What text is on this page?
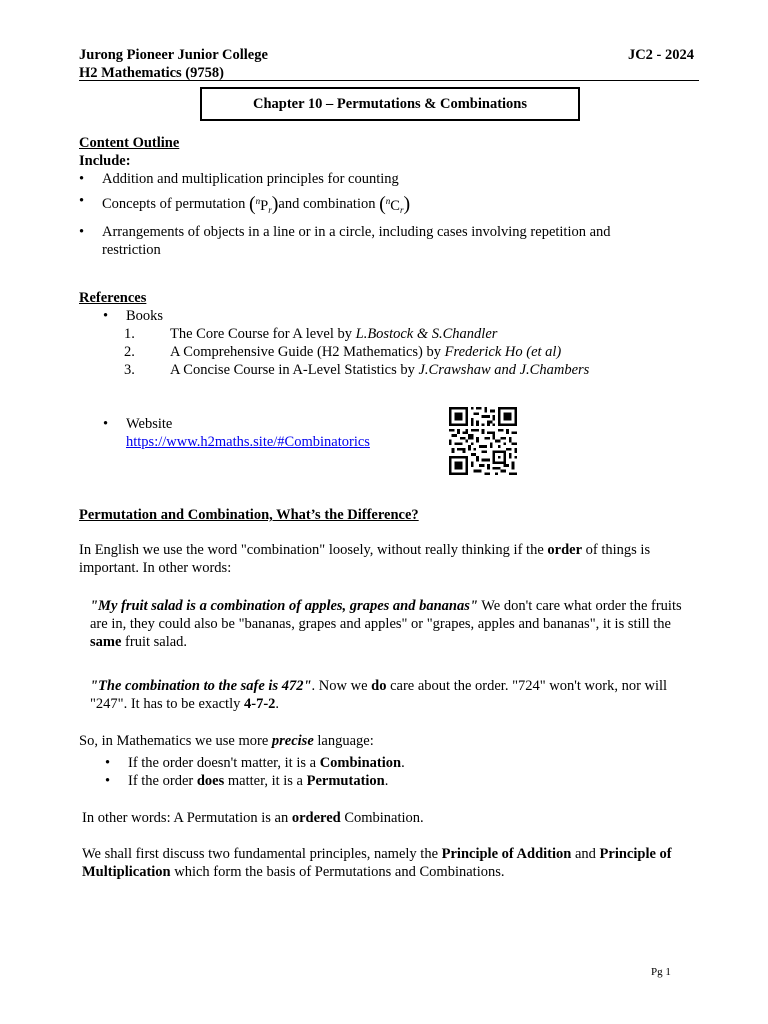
Jurong Pioneer Junior College
H2 Mathematics (9758)
JC2 - 2024
Chapter 10 – Permutations & Combinations
Content Outline
Include:
• Addition and multiplication principles for counting
• Concepts of permutation $(^nP_r)and$ combination $(^nC_r)$
• Arrangements of objects in a line or in a circle, including cases involving repetition and restriction
References
• Books
1. The Core Course for A level by L.Bostock & S.Chandler
2. A Comprehensive Guide (H2 Mathematics) by Frederick Ho (et al)
3. A Concise Course in A-Level Statistics by J.Crawshaw and J.Chambers
• Website
https://www.h2maths.site/#Combinatorics
Permutation and Combination, What’s the Difference?

In English we use the word "combination" loosely, without really thinking if the order of things is important. In other words:

"My fruit salad is a combination of apples, grapes and bananas" We don't care what order the fruits are in, they could also be "bananas, grapes and apples" or "grapes, apples and bananas", it is still the same fruit salad.

"The combination to the safe is 472". Now we do care about the order. "724" won't work, nor will "247". It has to be exactly 4-7-2.

So, in Mathematics we use more precise language:

• If the order doesn't matter, it is a Combination.
• If the order does matter, it is a Permutation.

In other words: A Permutation is an ordered Combination.

We shall first discuss two fundamental principles, namely the Principle of Addition and Principle of Multiplication which form the basis of Permutations and Combinations.

Pg 1
